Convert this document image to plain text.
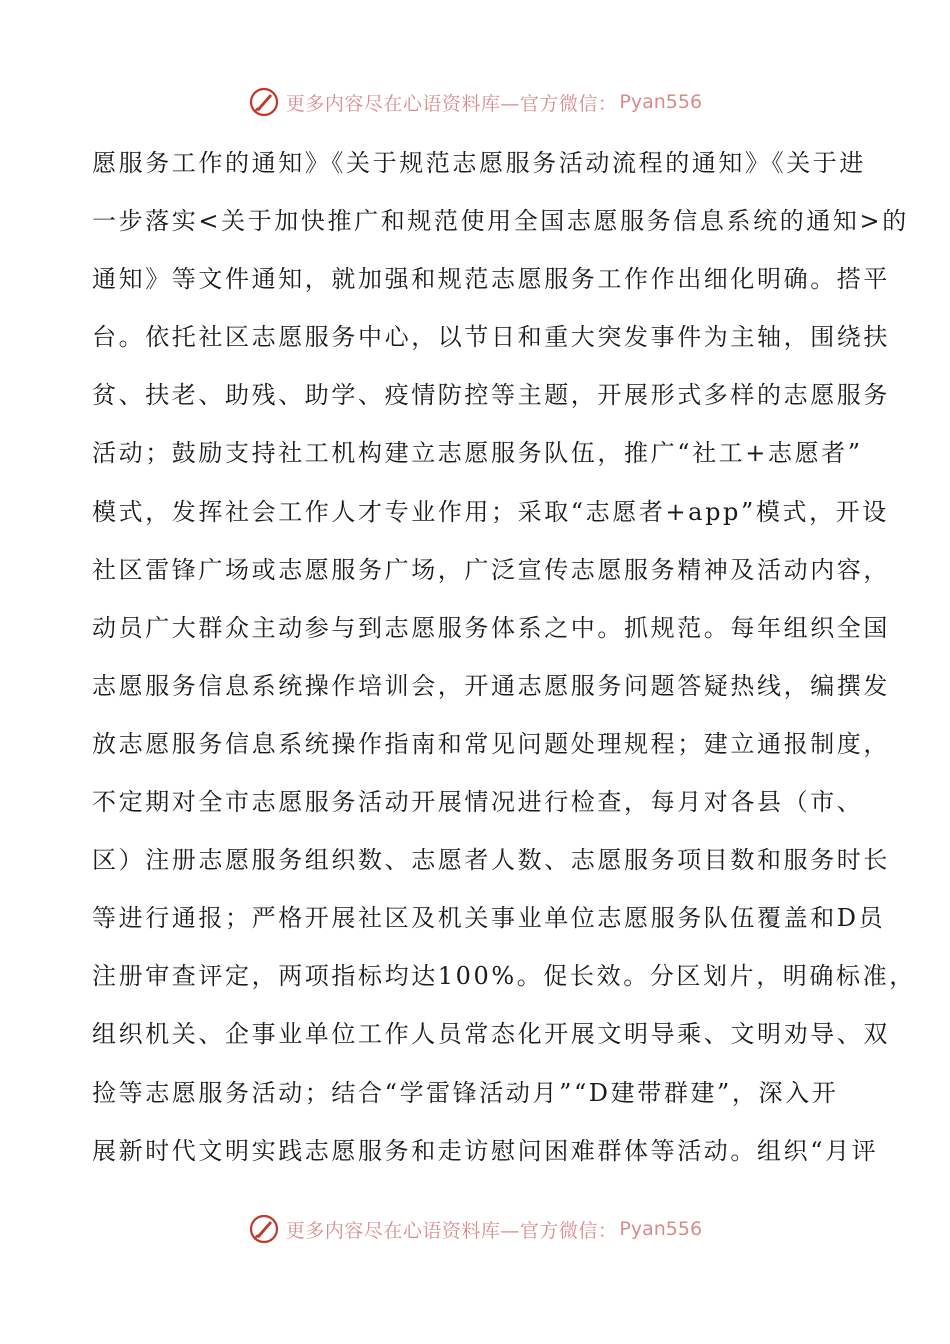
更多内容尽在心语资料库—官方微信： Pyan556
愿服务工作的通知》《关于规范志愿服务活动流程的通知》《关于进
一步落实<关于加快推广和规范使用全国志愿服务信息系统的通知>的
通知》等文件通知，就加强和规范志愿服务工作作出细化明确。搭平
台。依托社区志愿服务中心，以节日和重大突发事件为主轴，围绕扶
贫、扶老、助残、助学、疫情防控等主题，开展形式多样的志愿服务
活动；鼓励支持社工机构建立志愿服务队伍，推广“社工+志愿者”
模式，发挥社会工作人才专业作用；采取“志愿者+app”模式，开设
社区雷锋广场或志愿服务广场，广泛宣传志愿服务精神及活动内容，
动员广大群众主动参与到志愿服务体系之中。抓规范。每年组织全国
志愿服务信息系统操作培训会，开通志愿服务问题答疑热线，编撰发
放志愿服务信息系统操作指南和常见问题处理规程；建立通报制度，
不定期对全市志愿服务活动开展情况进行检查，每月对各县（市、
区）注册志愿服务组织数、志愿者人数、志愿服务项目数和服务时长
等进行通报；严格开展社区及机关事业单位志愿服务队伍覆盖和D员
注册审查评定，两项指标均达100%。促长效。分区划片，明确标准，
组织机关、企事业单位工作人员常态化开展文明导乘、文明劝导、双
捡等志愿服务活动；结合“学雷锋活动月”“D建带群建”，深入开
展新时代文明实践志愿服务和走访慰问困难群体等活动。组织“月评
更多内容尽在心语资料库—官方微信： Pyan556
